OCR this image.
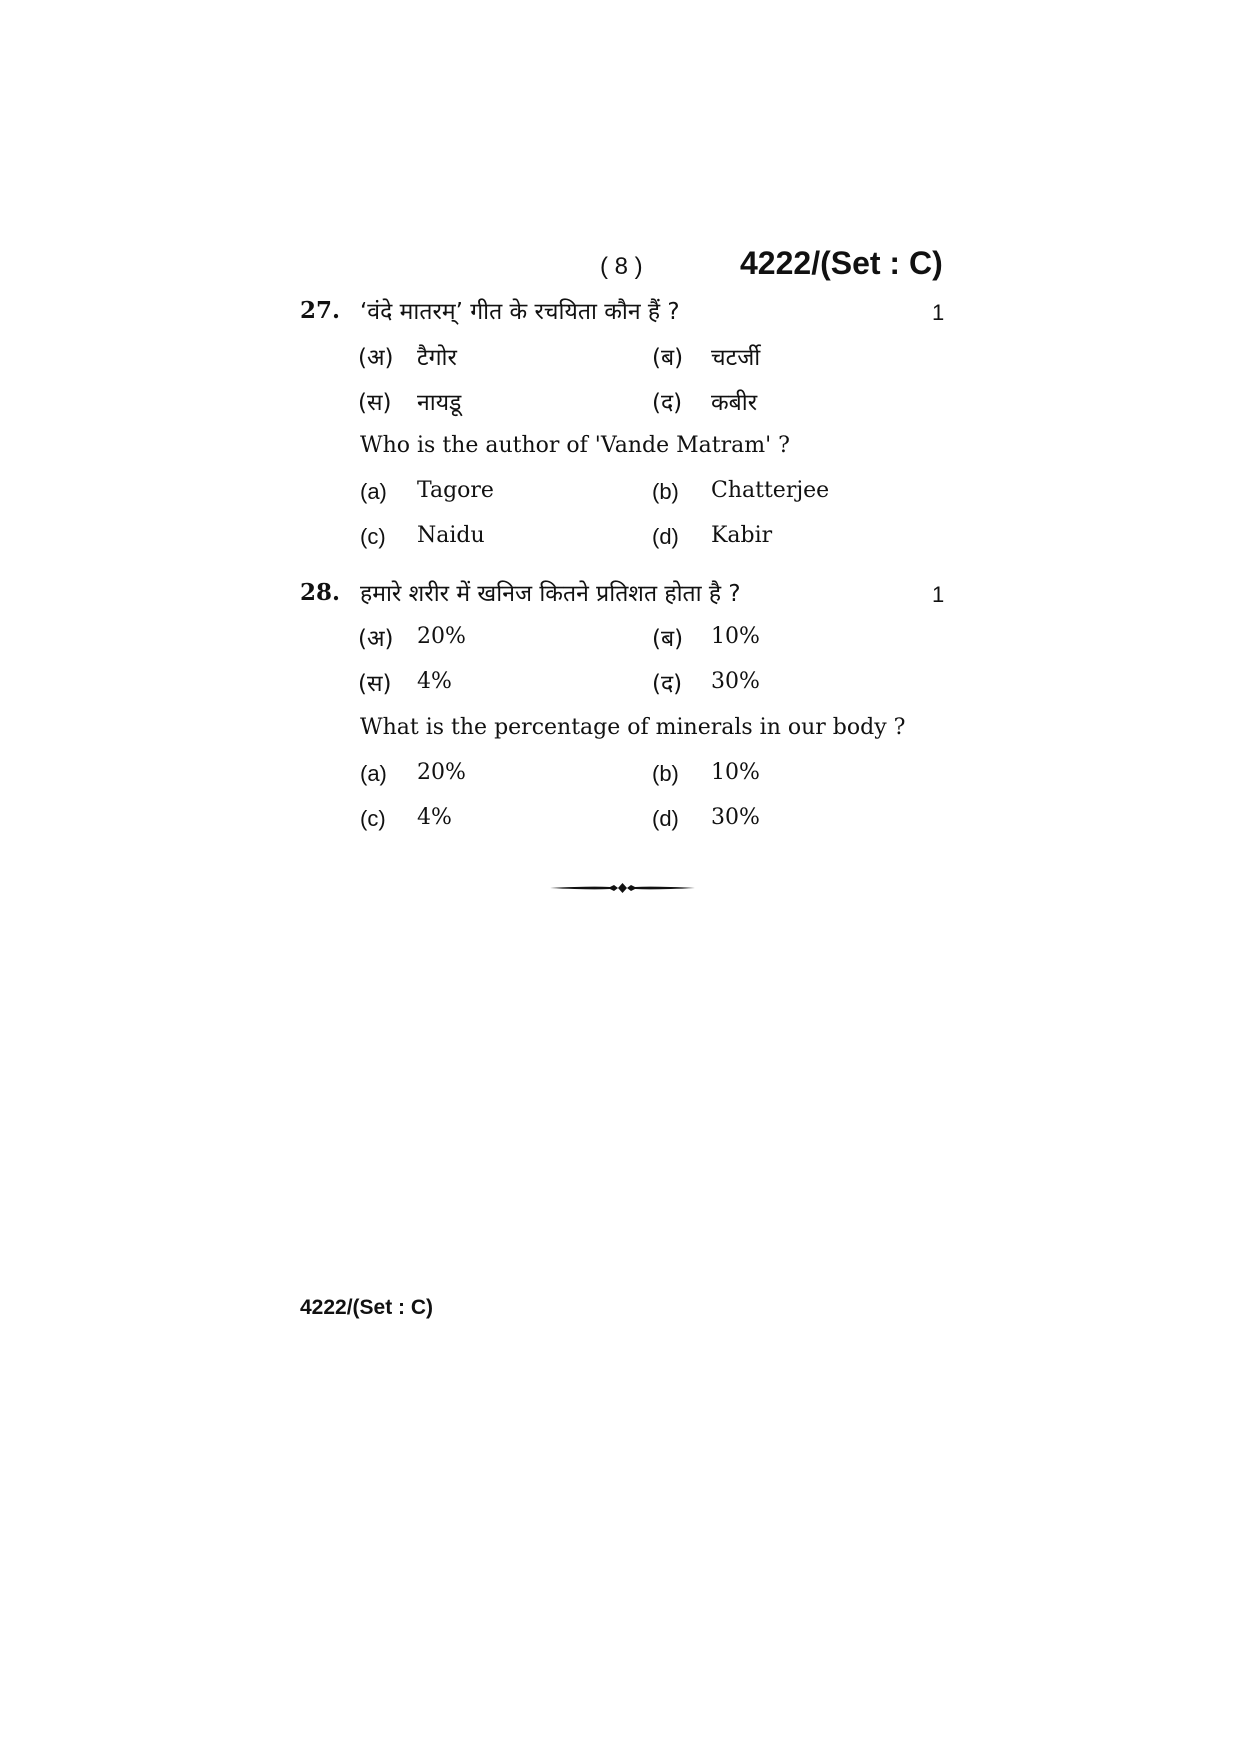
( 8 )	4222/(Set : C)
27. ‘वंदे मातरम्’ गीत के रचयिता कौन हैं ?	1
(अ) टैगोर	(ब) चटर्जी
(स) नायडू	(द) कबीर
Who is the author of 'Vande Matram' ?
(a) Tagore	(b) Chatterjee
(c) Naidu	(d) Kabir
28. हमारे शरीर में खनिज कितने प्रतिशत होता है ?	1
(अ) 20%	(ब) 10%
(स) 4%	(द) 30%
What is the percentage of minerals in our body ?
(a) 20%	(b) 10%
(c) 4%	(d) 30%
4222/(Set : C)
